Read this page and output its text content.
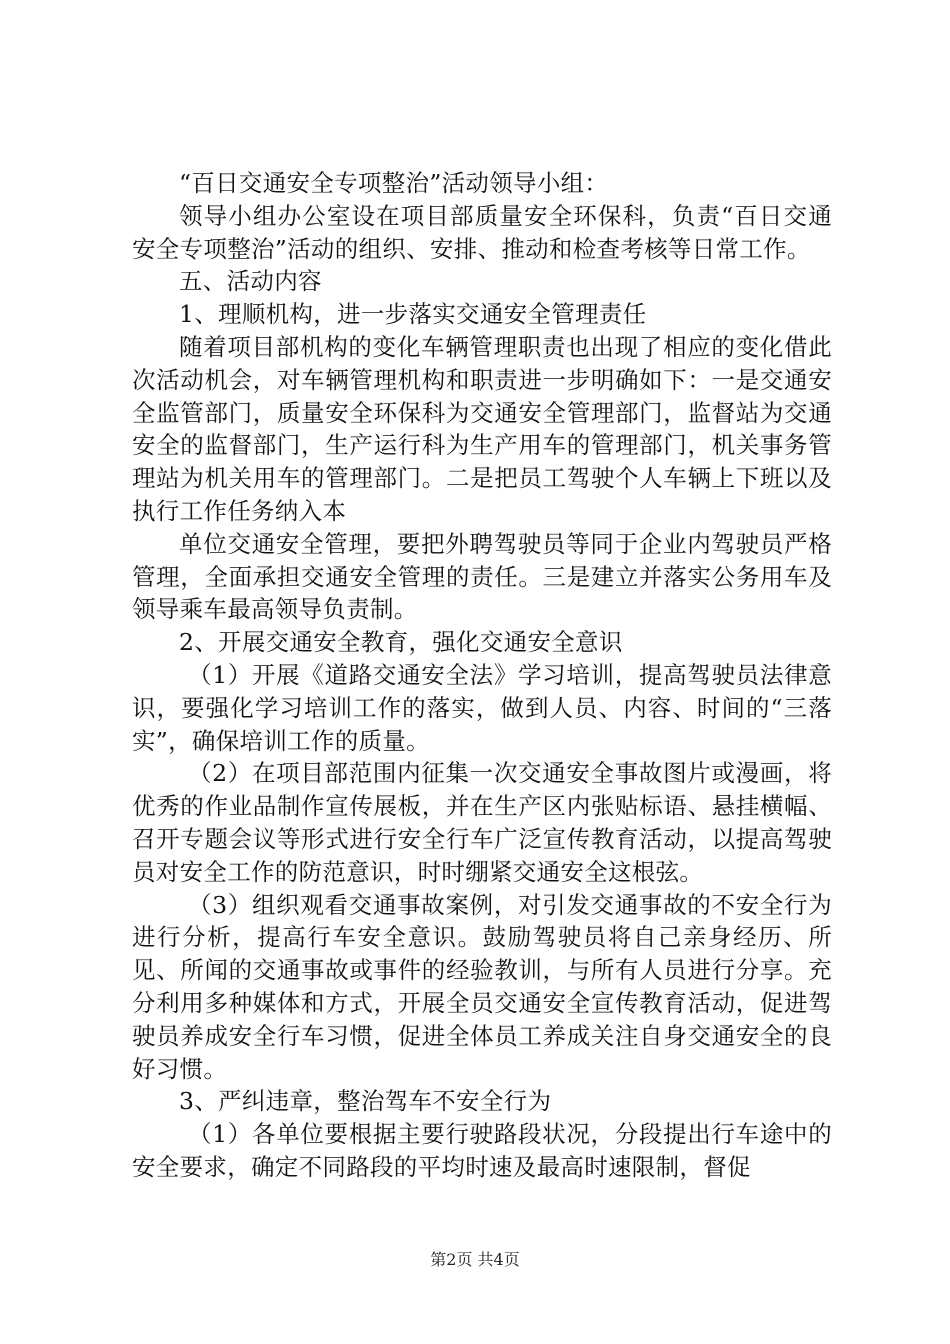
“百日交通安全专项整治”活动领导小组：

领导小组办公室设在项目部质量安全环保科，负责“百日交通安全专项整治”活动的组织、安排、推动和检查考核等日常工作。

五、活动内容

1、理顺机构，进一步落实交通安全管理责任

随着项目部机构的变化车辆管理职责也出现了相应的变化借此次活动机会，对车辆管理机构和职责进一步明确如下：一是交通安全监管部门，质量安全环保科为交通安全管理部门，监督站为交通安全的监督部门，生产运行科为生产用车的管理部门，机关事务管理站为机关用车的管理部门。二是把员工驾驶个人车辆上下班以及执行工作任务纳入本

单位交通安全管理，要把外聘驾驶员等同于企业内驾驶员严格管理，全面承担交通安全管理的责任。三是建立并落实公务用车及领导乘车最高领导负责制。

2、开展交通安全教育，强化交通安全意识

（1）开展《道路交通安全法》学习培训，提高驾驶员法律意识，要强化学习培训工作的落实，做到人员、内容、时间的“三落实”，确保培训工作的质量。

（2）在项目部范围内征集一次交通安全事故图片或漫画，将优秀的作业品制作宣传展板，并在生产区内张贴标语、悬挂横幅、召开专题会议等形式进行安全行车广泛宣传教育活动，以提高驾驶员对安全工作的防范意识，时时绷紧交通安全这根弦。

（3）组织观看交通事故案例，对引发交通事故的不安全行为进行分析，提高行车安全意识。鼓励驾驶员将自己亲身经历、所见、所闻的交通事故或事件的经验教训，与所有人员进行分享。充分利用多种媒体和方式，开展全员交通安全宣传教育活动，促进驾驶员养成安全行车习惯，促进全体员工养成关注自身交通安全的良好习惯。

3、严纠违章，整治驾车不安全行为

（1）各单位要根据主要行驶路段状况，分段提出行车途中的安全要求，确定不同路段的平均时速及最高时速限制，督促

第2页 共4页
